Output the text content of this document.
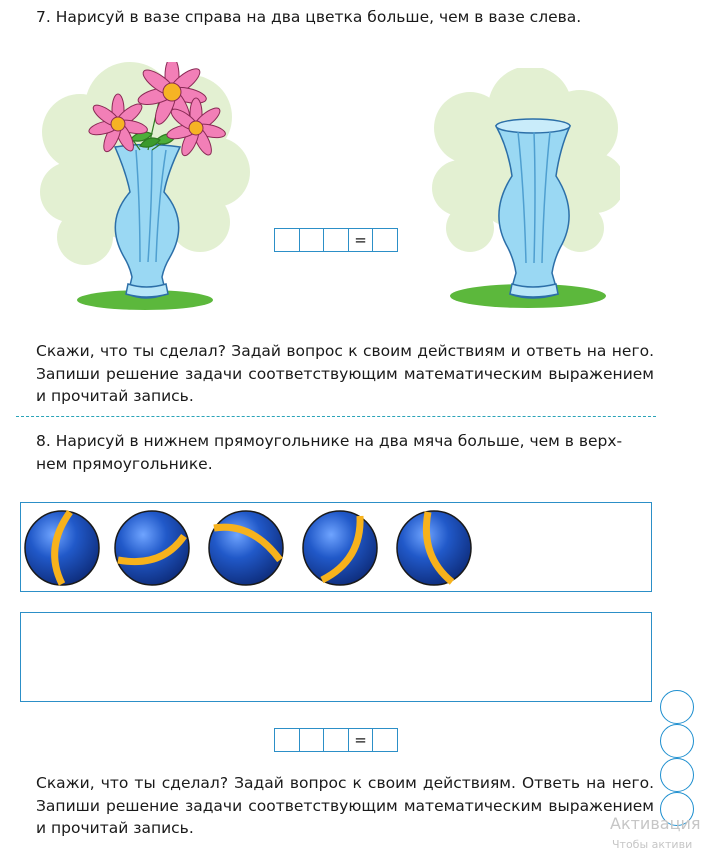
7. Нарисуй в вазе справа на два цветка больше, чем в вазе слева.
=
Скажи, что ты сделал? Задай вопрос к своим действиям и ответь на него. Запиши решение задачи соответствующим математическим выражением и прочитай запись.
8. Нарисуй в нижнем прямоугольнике на два мяча больше, чем в верх-
нем прямоугольнике.
=
Скажи, что ты сделал? Задай вопрос к своим действиям. Ответь на него. Запиши решение задачи соответствующим математическим выражением и прочитай запись.	Активация
Чтобы активи
